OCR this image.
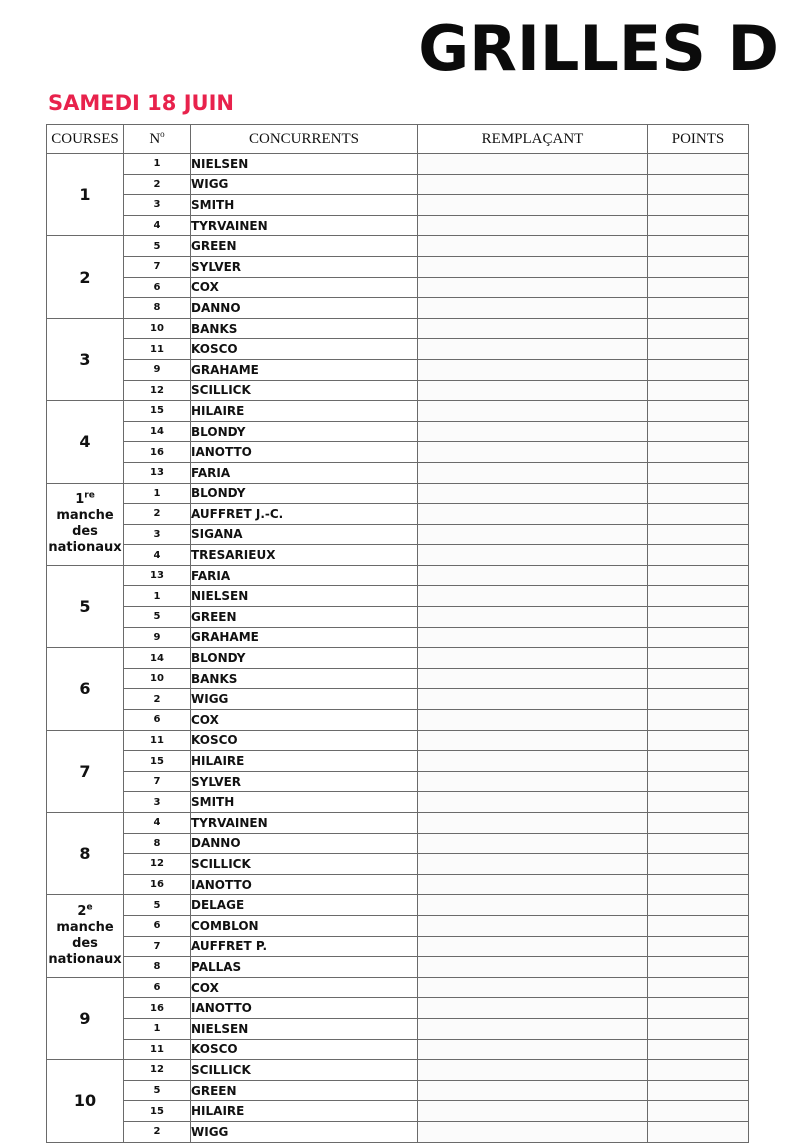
GRILLES D
SAMEDI 18 JUIN
COURSES	$N^o$	CONCURRENTS	REMPLAÇANT	POINTS
1	1	NIELSEN		
	2	WIGG		
	3	SMITH		
	4	TYRVAINEN		
2	5	GREEN		
	7	SYLVER		
	6	COX		
	8	DANNO		
3	10	BANKS		
	11	KOSCO		
	9	GRAHAME		
	12	SCILLICK		
4	15	HILAIRE		
	14	BLONDY		
	16	IANOTTO		
	13	FARIA		
1re
manche
des
nationaux	1	BLONDY		
	2	AUFFRET J.-C.		
	3	SIGANA		
	4	TRESARIEUX		
5	13	FARIA		
	1	NIELSEN		
	5	GREEN		
	9	GRAHAME		
6	14	BLONDY		
	10	BANKS		
	2	WIGG		
	6	COX		
7	11	KOSCO		
	15	HILAIRE		
	7	SYLVER		
	3	SMITH		
8	4	TYRVAINEN		
	8	DANNO		
	12	SCILLICK		
	16	IANOTTO		
2e
manche
des
nationaux	5	DELAGE		
	6	COMBLON		
	7	AUFFRET P.		
	8	PALLAS		
9	6	COX		
	16	IANOTTO		
	1	NIELSEN		
	11	KOSCO		
10	12	SCILLICK		
	5	GREEN		
	15	HILAIRE		
	2	WIGG		
